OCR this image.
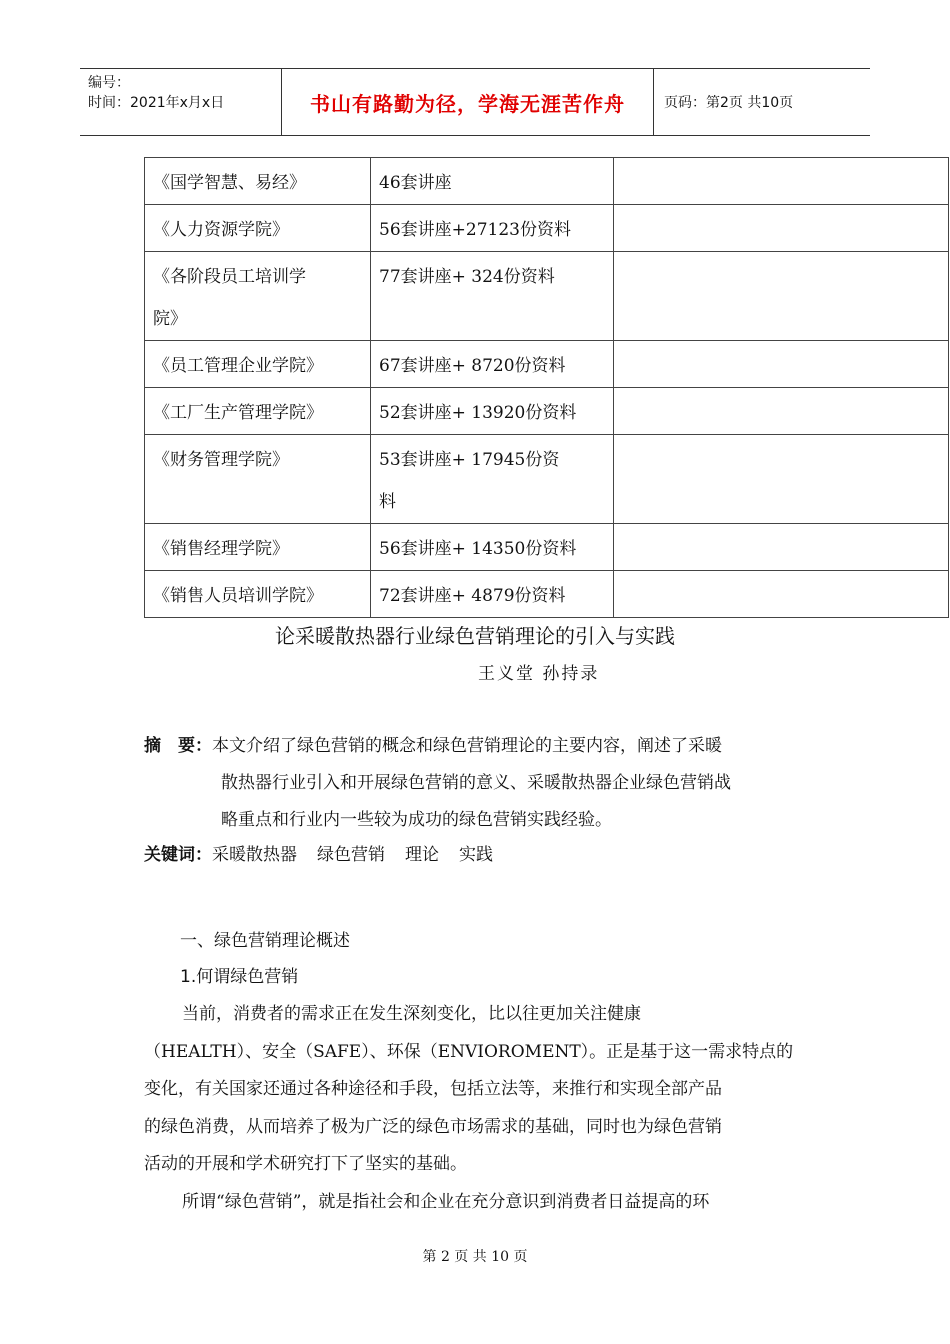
编号：
时间：2021年x月x日	书山有路勤为径，学海无涯苦作舟	页码：第2页 共10页
《国学智慧、易经》	46套讲座	

《人力资源学院》	56套讲座+27123份资料	

《各阶段员工培训学
院》	77套讲座+ 324份资料	

《员工管理企业学院》	67套讲座+ 8720份资料	

《工厂生产管理学院》	52套讲座+ 13920份资料	

《财务管理学院》	53套讲座+ 17945份资
料	

《销售经理学院》	56套讲座+ 14350份资料	

《销售人员培训学院》	72套讲座+ 4879份资料	

论采暖散热器行业绿色营销理论的引入与实践
王义堂 孙持录
摘　要：本文介绍了绿色营销的概念和绿色营销理论的主要内容，阐述了采暖
散热器行业引入和开展绿色营销的意义、采暖散热器企业绿色营销战
略重点和行业内一些较为成功的绿色营销实践经验。
关键词：采暖散热器 绿色营销 理论 实践
一、绿色营销理论概述
1.何谓绿色营销
当前，消费者的需求正在发生深刻变化，比以往更加关注健康
（HEALTH）、安全（SAFE）、环保（ENVIOROMENT）。正是基于这一需求特点的
变化，有关国家还通过各种途径和手段，包括立法等，来推行和实现全部产品
的绿色消费，从而培养了极为广泛的绿色市场需求的基础，同时也为绿色营销
活动的开展和学术研究打下了坚实的基础。
所谓“绿色营销”，就是指社会和企业在充分意识到消费者日益提高的环
第 2 页 共 10 页
